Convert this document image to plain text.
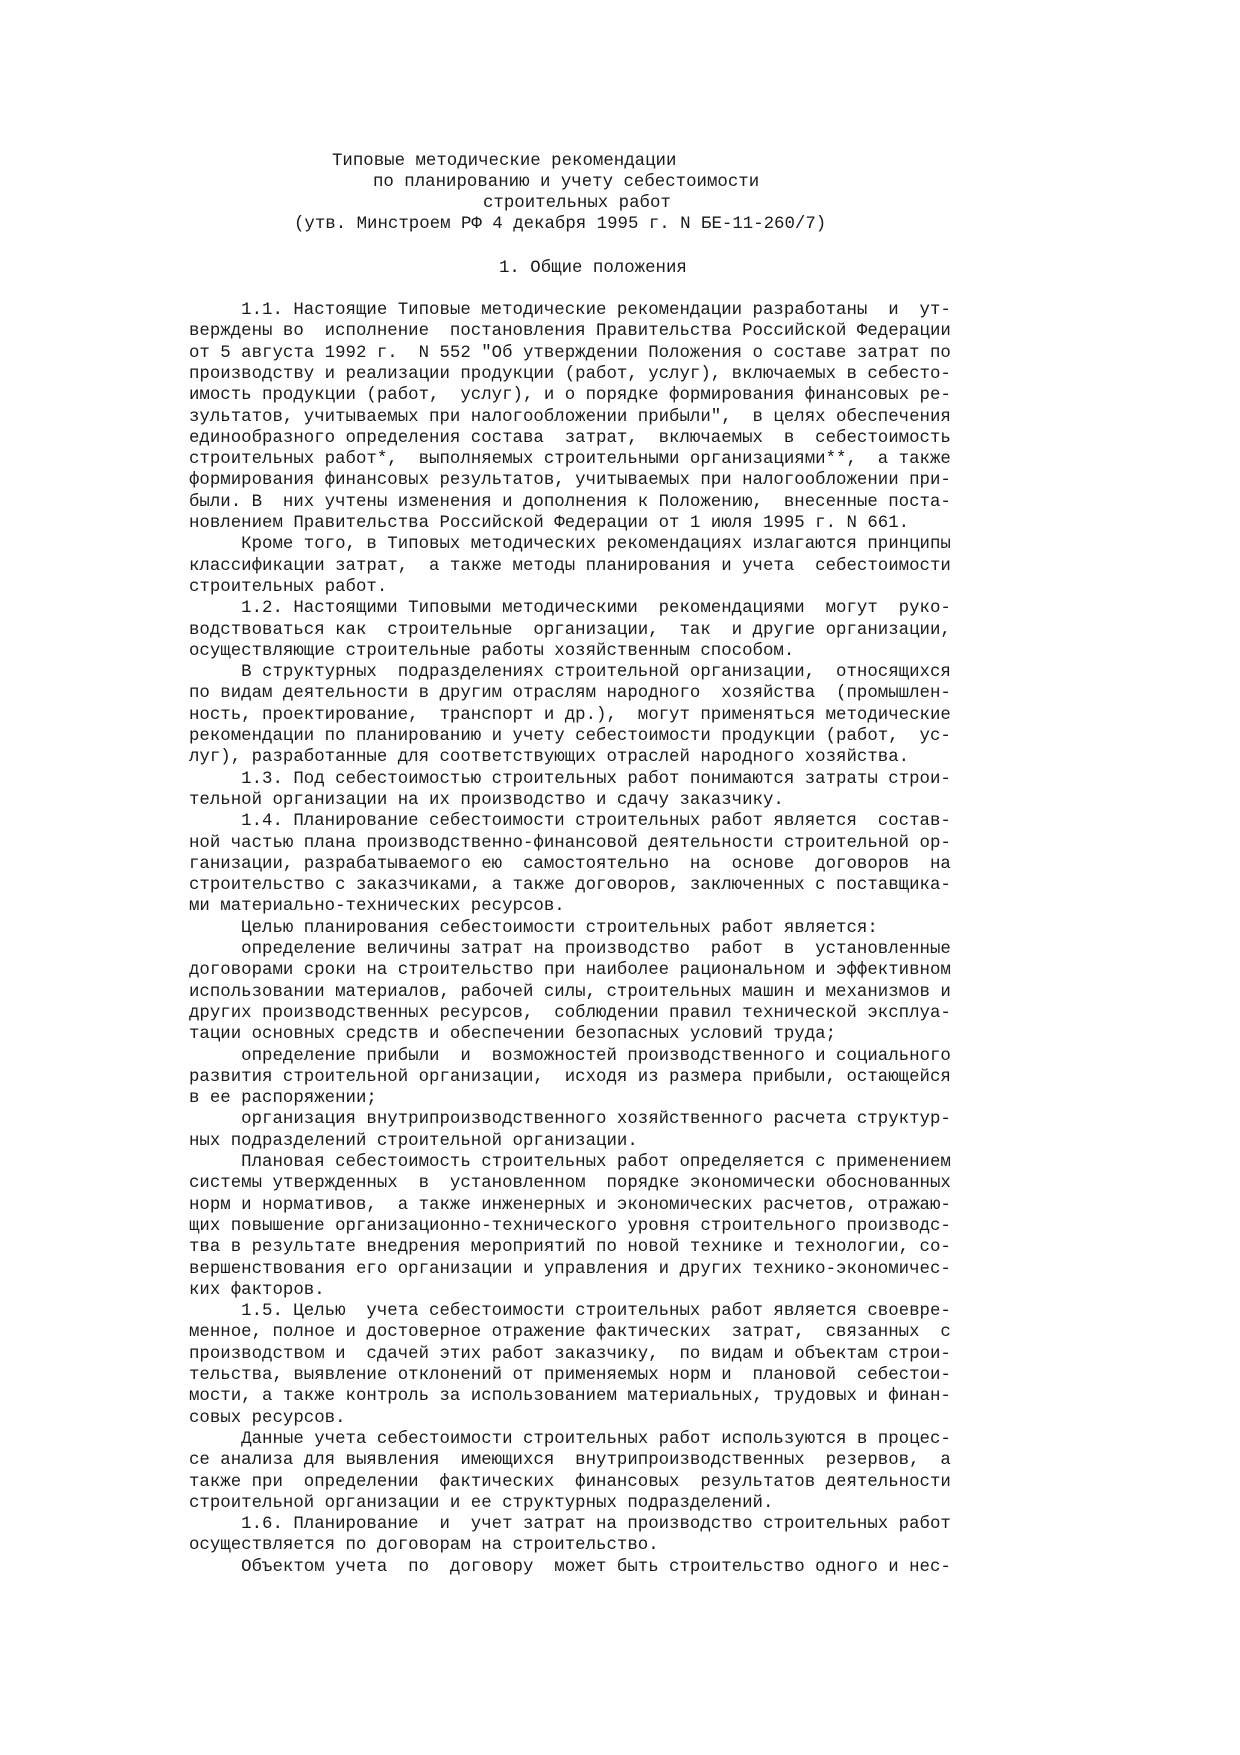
Типовые методические рекомендации
по планированию и учету себестоимости
строительных работ
(утв. Минстроем РФ 4 декабря 1995 г. N БЕ-11-260/7)
1. Общие положения
1.1. Настоящие Типовые методические рекомендации разработаны  и  ут-
верждены во  исполнение  постановления Правительства Российской Федерации
от 5 августа 1992 г.  N 552 "Об утверждении Положения о составе затрат по
производству и реализации продукции (работ, услуг), включаемых в себесто-
имость продукции (работ,  услуг), и о порядке формирования финансовых ре-
зультатов, учитываемых при налогообложении прибыли",  в целях обеспечения
единообразного определения состава  затрат,  включаемых  в  себестоимость
строительных работ*,  выполняемых строительными организациями**,  а также
формирования финансовых результатов, учитываемых при налогообложении при-
были. В  них учтены изменения и дополнения к Положению,  внесенные поста-
новлением Правительства Российской Федерации от 1 июля 1995 г. N 661.
Кроме того, в Типовых методических рекомендациях излагаются принципы
классификации затрат,  а также методы планирования и учета  себестоимости
строительных работ.
1.2. Настоящими Типовыми методическими  рекомендациями  могут  руко-
водствоваться как  строительные  организации,  так  и другие организации,
осуществляющие строительные работы хозяйственным способом.
В структурных  подразделениях строительной организации,  относящихся
по видам деятельности в другим отраслям народного  хозяйства  (промышлен-
ность, проектирование,  транспорт и др.),  могут применяться методические
рекомендации по планированию и учету себестоимости продукции (работ,  ус-
луг), разработанные для соответствующих отраслей народного хозяйства.
1.3. Под себестоимостью строительных работ понимаются затраты строи-
тельной организации на их производство и сдачу заказчику.
1.4. Планирование себестоимости строительных работ является  состав-
ной частью плана производственно-финансовой деятельности строительной ор-
ганизации, разрабатываемого ею  самостоятельно  на  основе  договоров  на
строительство с заказчиками, а также договоров, заключенных с поставщика-
ми материально-технических ресурсов.
Целью планирования себестоимости строительных работ является:
определение величины затрат на производство  работ  в  установленные
договорами сроки на строительство при наиболее рациональном и эффективном
использовании материалов, рабочей силы, строительных машин и механизмов и
других производственных ресурсов,  соблюдении правил технической эксплуа-
тации основных средств и обеспечении безопасных условий труда;
определение прибыли  и  возможностей производственного и социального
развития строительной организации,  исходя из размера прибыли, остающейся
в ее распоряжении;
организация внутрипроизводственного хозяйственного расчета структур-
ных подразделений строительной организации.
Плановая себестоимость строительных работ определяется с применением
системы утвержденных  в  установленном  порядке экономически обоснованных
норм и нормативов,  а также инженерных и экономических расчетов, отражаю-
щих повышение организационно-технического уровня строительного производс-
тва в результате внедрения мероприятий по новой технике и технологии, со-
вершенствования его организации и управления и других технико-экономичес-
ких факторов.
1.5. Целью  учета себестоимости строительных работ является своевре-
менное, полное и достоверное отражение фактических  затрат,  связанных  с
производством и  сдачей этих работ заказчику,  по видам и объектам строи-
тельства, выявление отклонений от применяемых норм и  плановой  себестои-
мости, а также контроль за использованием материальных, трудовых и финан-
совых ресурсов.
Данные учета себестоимости строительных работ используются в процес-
се анализа для выявления  имеющихся  внутрипроизводственных  резервов,  а
также при  определении  фактических  финансовых  результатов деятельности
строительной организации и ее структурных подразделений.
1.6. Планирование  и  учет затрат на производство строительных работ
осуществляется по договорам на строительство.
Объектом учета  по  договору  может быть строительство одного и нес-
